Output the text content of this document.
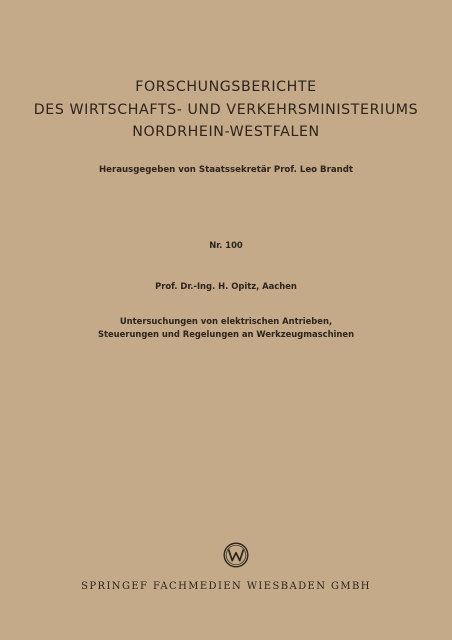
FORSCHUNGSBERICHTE
DES WIRTSCHAFTS- UND VERKEHRSMINISTERIUMS
NORDRHEIN-WESTFALEN
Herausgegeben von Staatssekretär Prof. Leo Brandt
Nr. 100
Prof. Dr.-Ing. H. Opitz, Aachen
Untersuchungen von elektrischen Antrieben,
Steuerungen und Regelungen an Werkzeugmaschinen
SPRINGEF FACHMEDIEN WIESBADEN GMBH
